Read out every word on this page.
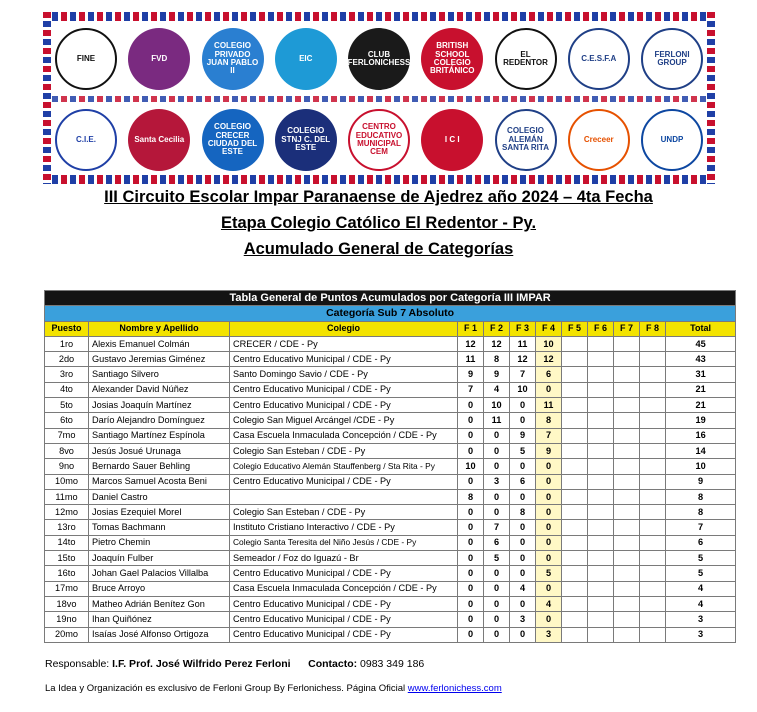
FINE	FVD
COLEGIO PRIVADO JUAN PABLO II
EIC	CLUB FERLONICHESS
BRITISH SCHOOL COLEGIO BRITÁNICO
EL REDENTOR	C.E.S.F.A	FERLONI GROUP
C.I.E.	Santa Cecilia
COLEGIO CRECER CIUDAD DEL ESTE
COLEGIO STNJ C. DEL ESTE
CENTRO EDUCATIVO MUNICIPAL CEM
I C I
COLEGIO ALEMÁN SANTA RITA
Creceer	UNDP
III Circuito Escolar Impar Paranaense de Ajedrez año 2024 – 4ta Fecha
Etapa Colegio Católico El Redentor - Py.
Acumulado General de Categorías
Tabla General de Puntos Acumulados por Categoría III IMPAR											
Categoría Sub 7 Absoluto											
Puesto	Nombre y Apellido	Colegio	F 1	F 2	F 3	F 4	F 5	F 6	F 7	F 8	Total
1ro	Alexis Emanuel Colmán	CRECER / CDE - Py	12	12	11	10					45
2do	Gustavo Jeremias Giménez	Centro Educativo Municipal / CDE - Py	11	8	12	12					43
3ro	Santiago Silvero	Santo Domingo Savio / CDE - Py	9	9	7	6					31
4to	Alexander David Núñez	Centro Educativo Municipal / CDE - Py	7	4	10	0					21
5to	Josias Joaquín Martínez	Centro Educativo Municipal / CDE - Py	0	10	0	11					21
6to	Darío Alejandro Domínguez	Colegio San Miguel Arcángel /CDE - Py	0	11	0	8					19
7mo	Santiago Martínez Espínola	Casa Escuela Inmaculada Concepción / CDE - Py	0	0	9	7					16
8vo	Jesús Josué Urunaga	Colegio San Esteban / CDE - Py	0	0	5	9					14
9no	Bernardo Sauer Behling	Colegio Educativo Alemán Stauffenberg / Sta Rita - Py	10	0	0	0					10
10mo	Marcos Samuel Acosta Beni	Centro Educativo Municipal / CDE - Py	0	3	6	0					9
11mo	Daniel Castro		8	0	0	0					8
12mo	Josias Ezequiel Morel	Colegio San Esteban / CDE - Py	0	0	8	0					8
13ro	Tomas Bachmann	Instituto Cristiano Interactivo / CDE - Py	0	7	0	0					7
14to	Pietro Chemin	Colegio Santa Teresita del Niño Jesús / CDE - Py	0	6	0	0					6
15to	Joaquín Fulber	Semeador / Foz do Iguazú - Br	0	5	0	0					5
16to	Johan Gael Palacios Villalba	Centro Educativo Municipal / CDE - Py	0	0	0	5					5
17mo	Bruce Arroyo	Casa Escuela Inmaculada Concepción / CDE - Py	0	0	4	0					4
18vo	Matheo Adrián Benítez Gon	Centro Educativo Municipal / CDE - Py	0	0	0	4					4
19no	Ihan Quiñónez	Centro Educativo Municipal / CDE - Py	0	0	3	0					3
20mo	Isaías José Alfonso Ortigoza	Centro Educativo Municipal / CDE - Py	0	0	0	3					3
Responsable: I.F. Prof. José Wilfrido Perez Ferloni Contacto: 0983 349 186
La Idea y Organización es exclusivo de Ferloni Group By Ferlonichess. Página Oficial www.ferlonichess.com
